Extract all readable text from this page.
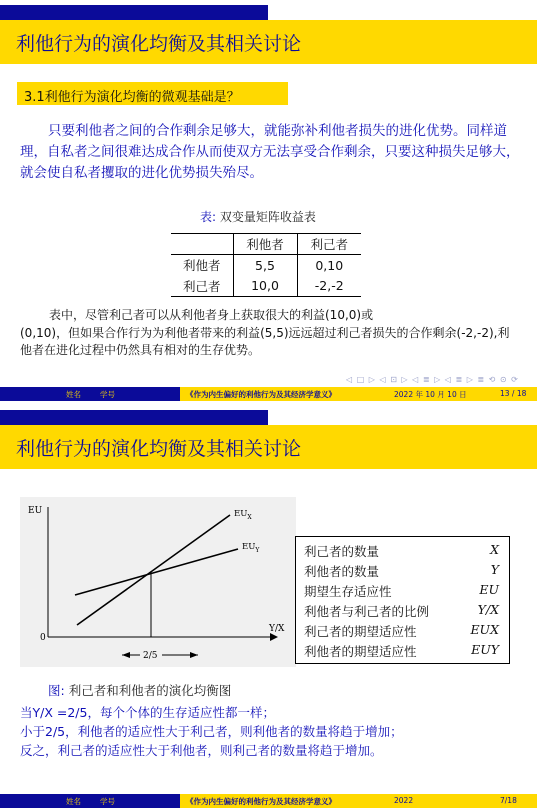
利他行为的演化均衡及其相关讨论
3.1利他行为演化均衡的微观基础是？
只要利他者之间的合作剩余足够大，就能弥补利他者损失的进化优势。同样道理，自私者之间很难达成合作从而使双方无法享受合作剩余，只要这种损失足够大，就会使自私者攫取的进化优势损失殆尽。
表: 双变量矩阵收益表
	利他者	利己者
利他者	5,5	0,10
利己者	10,0	-2,-2
表中，尽管利己者可以从利他者身上获取很大的利益(10,0)或
(0,10)，但如果合作行为为利他者带来的利益(5,5)远远超过利己者损失的合作剩余(-2,-2),利他者在进化过程中仍然具有相对的生存优势。
◁ □ ▷ ◁ ⊡ ▷ ◁ ≣ ▷ ◁ ≣ ▷ ≣ ⟲ ⊙ ⟳
姓名	学号	《作为内生偏好的利他行为及其经济学意义》	2022 年 10 月 10 日	13 / 18
利他行为的演化均衡及其相关讨论
EU
Y/X
0
$EU_X$
$EU_Y$
2/5
利己者的数量	X
利他者的数量	Y
期望生存适应性	EU
利他者与利己者的比例	Y/X
利己者的期望适应性	EUX
利他者的期望适应性	EUY
图: 利己者和利他者的演化均衡图
当Y/X =2/5，每个个体的生存适应性都一样；
小于2/5，利他者的适应性大于利己者，则利他者的数量将趋于增加；
反之，利己者的适应性大于利他者，则利己者的数量将趋于增加。
姓名	学号	《作为内生偏好的利他行为及其经济学意义》	2022	7/18
